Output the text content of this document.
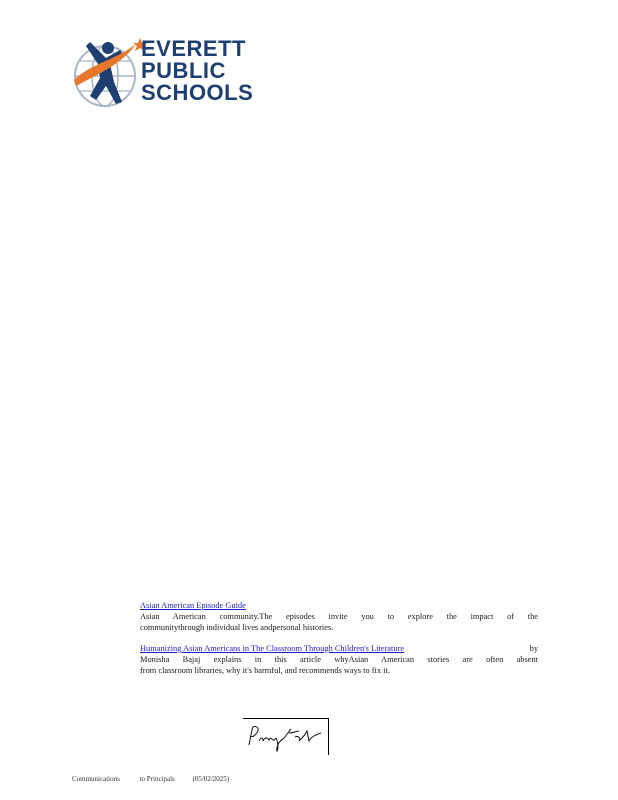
EVERETT
PUBLIC
SCHOOLS
Asian American Episode Guide
Asian American community.The episodes invite you to explore the impact of the
communitythrough individual lives andpersonal histories.
Humanizing Asian Americans in The Classroom Through Children's Literature	by
Monisha Bajaj explains in this article whyAsian American stories are often absent
from classroom libraries, why it's harmful, and recommends ways to fix it.
Communications	to Principals	(05/02/2025)
